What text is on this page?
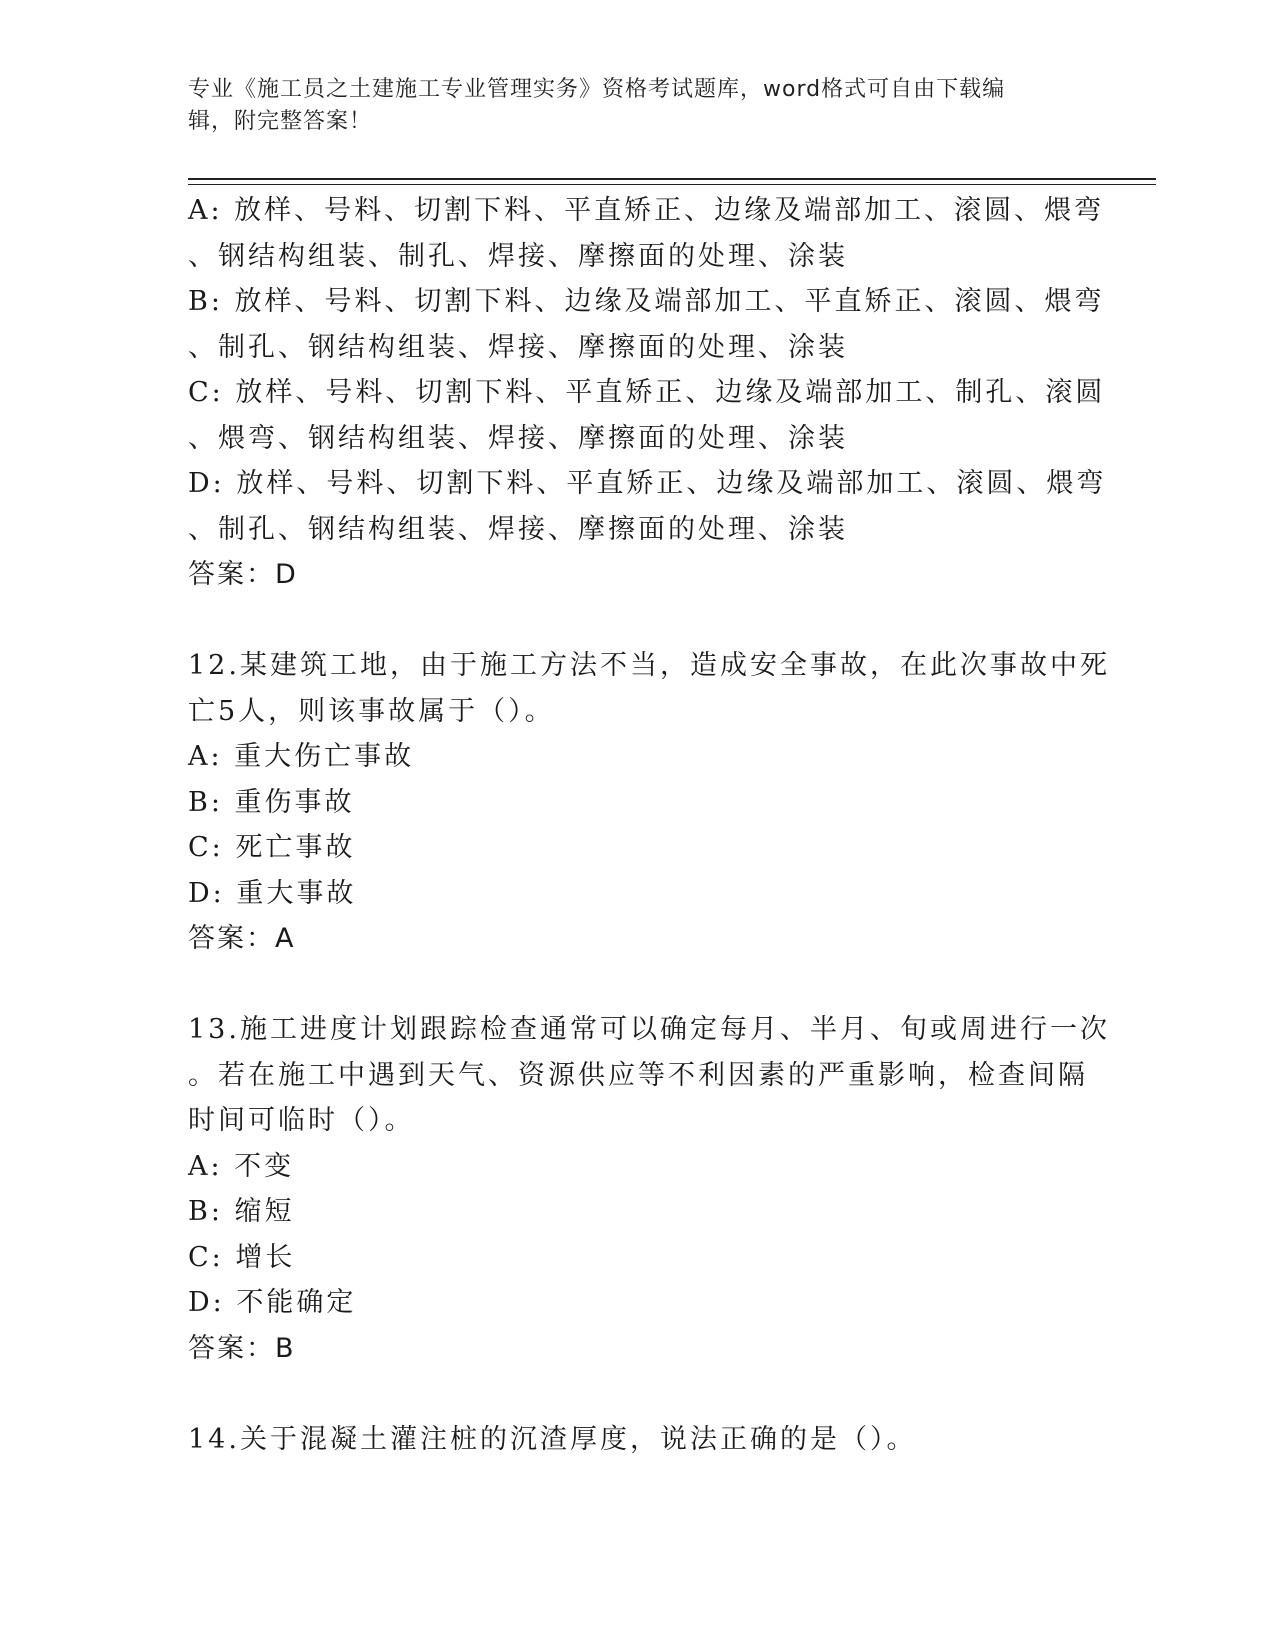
专业《施工员之土建施工专业管理实务》资格考试题库，word格式可自由下载编
辑，附完整答案！
A: 放样、号料、切割下料、平直矫正、边缘及端部加工、滚圆、煨弯
、钢结构组装、制孔、焊接、摩擦面的处理、涂装
B: 放样、号料、切割下料、边缘及端部加工、平直矫正、滚圆、煨弯
、制孔、钢结构组装、焊接、摩擦面的处理、涂装
C: 放样、号料、切割下料、平直矫正、边缘及端部加工、制孔、滚圆
、煨弯、钢结构组装、焊接、摩擦面的处理、涂装
D: 放样、号料、切割下料、平直矫正、边缘及端部加工、滚圆、煨弯
、制孔、钢结构组装、焊接、摩擦面的处理、涂装
答案：D
12.某建筑工地，由于施工方法不当，造成安全事故，在此次事故中死
亡5人，则该事故属于（）。
A: 重大伤亡事故
B: 重伤事故
C: 死亡事故
D: 重大事故
答案：A
13.施工进度计划跟踪检查通常可以确定每月、半月、旬或周进行一次
。若在施工中遇到天气、资源供应等不利因素的严重影响，检查间隔
时间可临时（）。
A: 不变
B: 缩短
C: 增长
D: 不能确定
答案：B
14.关于混凝土灌注桩的沉渣厚度，说法正确的是（）。
